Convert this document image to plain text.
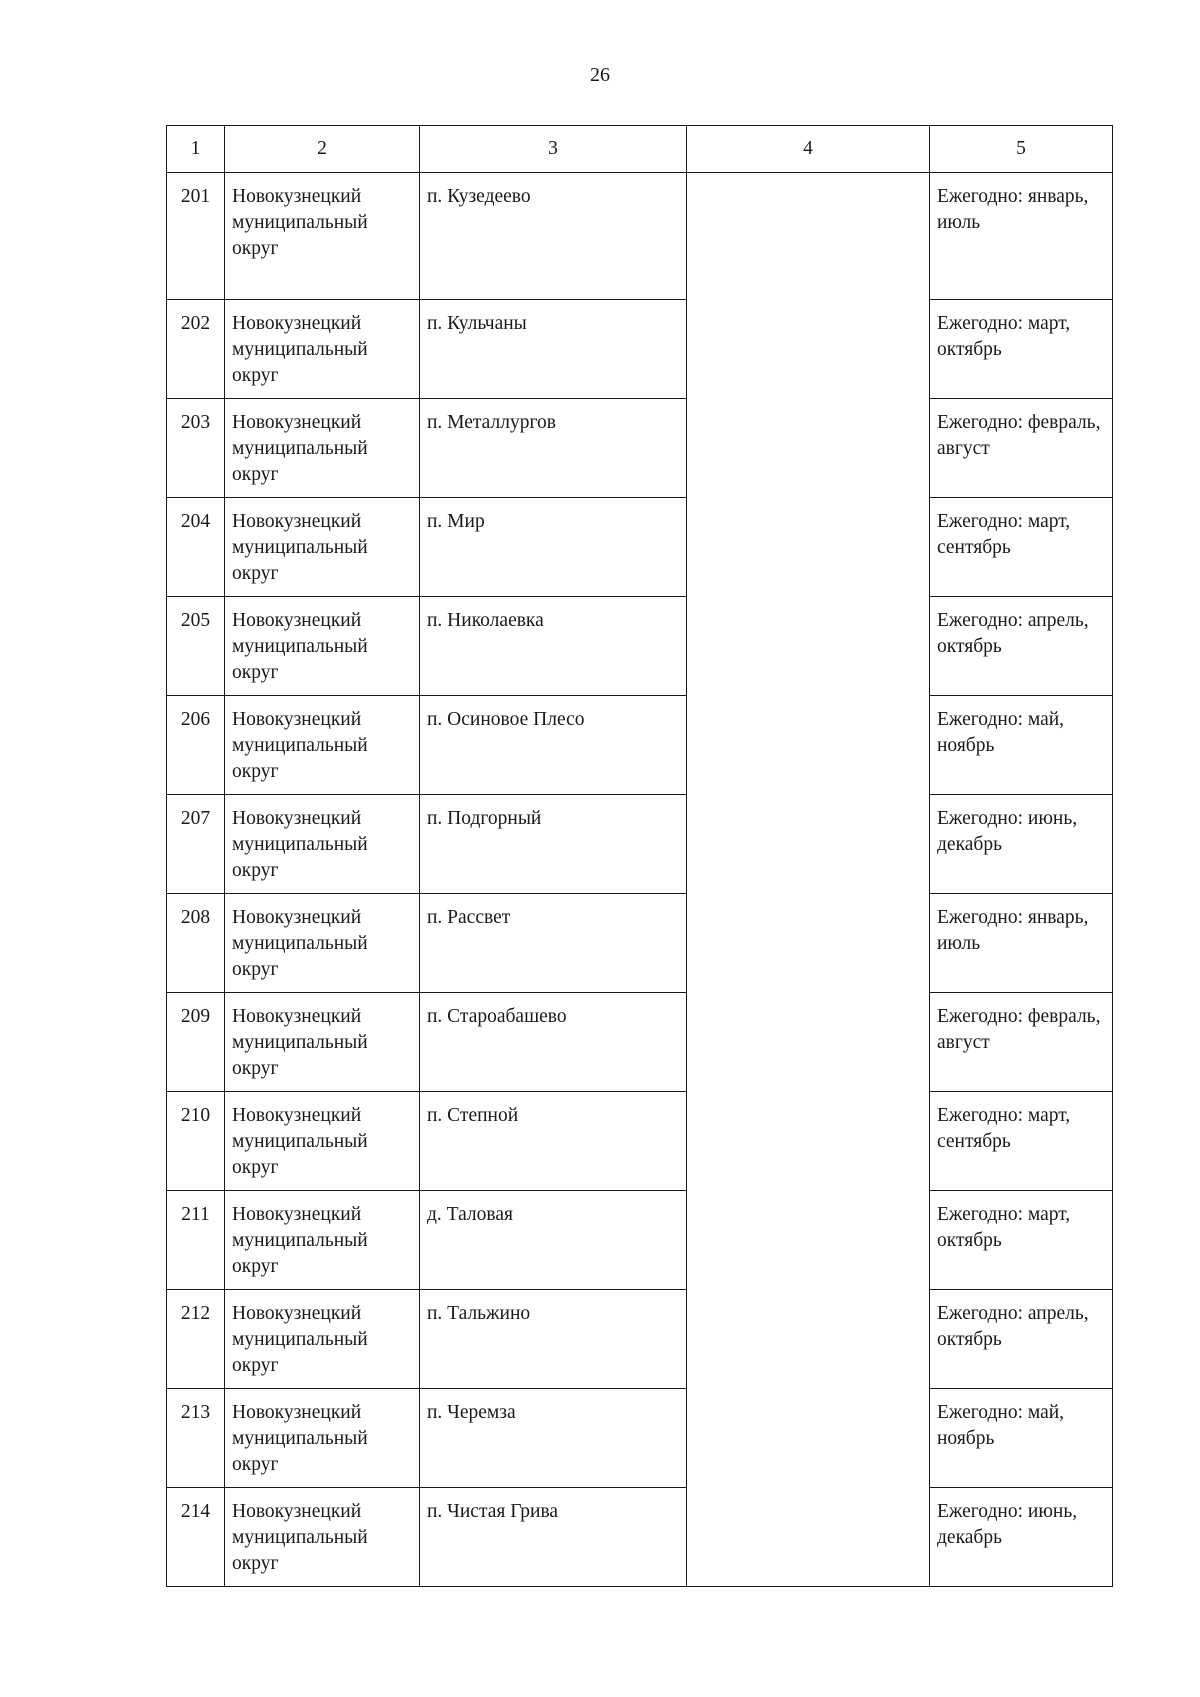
26
1	2	3	4	5
201	Новокузнецкий муниципальный округ	п. Кузедеево		Ежегодно: январь, июль
202	Новокузнецкий муниципальный округ	п. Кульчаны		Ежегодно: март, октябрь
203	Новокузнецкий муниципальный округ	п. Металлургов		Ежегодно: февраль, август
204	Новокузнецкий муниципальный округ	п. Мир		Ежегодно: март, сентябрь
205	Новокузнецкий муниципальный округ	п. Николаевка		Ежегодно: апрель, октябрь
206	Новокузнецкий муниципальный округ	п. Осиновое Плесо		Ежегодно: май, ноябрь
207	Новокузнецкий муниципальный округ	п. Подгорный		Ежегодно: июнь, декабрь
208	Новокузнецкий муниципальный округ	п. Рассвет		Ежегодно: январь, июль
209	Новокузнецкий муниципальный округ	п. Староабашево		Ежегодно: февраль, август
210	Новокузнецкий муниципальный округ	п. Степной		Ежегодно: март, сентябрь
211	Новокузнецкий муниципальный округ	д. Таловая		Ежегодно: март, октябрь
212	Новокузнецкий муниципальный округ	п. Тальжино		Ежегодно: апрель, октябрь
213	Новокузнецкий муниципальный округ	п. Черемза		Ежегодно: май, ноябрь
214	Новокузнецкий муниципальный округ	п. Чистая Грива		Ежегодно: июнь, декабрь
